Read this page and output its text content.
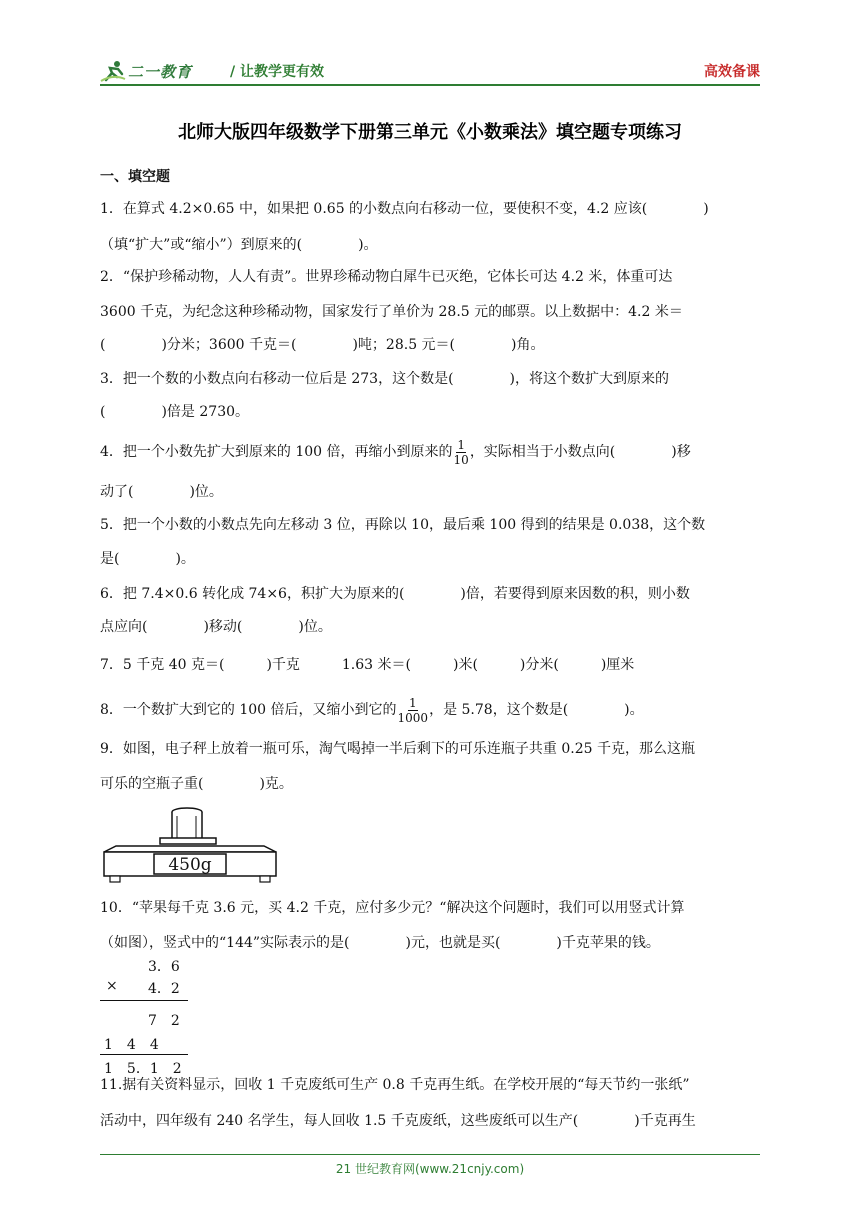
二一教育	/ 让教学更有效	高效备课
北师大版四年级数学下册第三单元《小数乘法》填空题专项练习
一、填空题
1．在算式 4.2×0.65 中，如果把 0.65 的小数点向右移动一位，要使积不变，4.2 应该(　　　　)
（填“扩大”或“缩小”）到原来的(　　　　)。
2．“保护珍稀动物，人人有责”。世界珍稀动物白犀牛已灭绝，它体长可达 4.2 米，体重可达
3600 千克，为纪念这种珍稀动物，国家发行了单价为 28.5 元的邮票。以上数据中：4.2 米＝
(　　　　)分米；3600 千克＝(　　　　)吨；28.5 元＝(　　　　)角。
3．把一个数的小数点向右移动一位后是 273，这个数是(　　　　)，将这个数扩大到原来的
(　　　　)倍是 2730。
4．把一个小数先扩大到原来的 100 倍，再缩小到原来的 $\frac{1}{10}$ ，实际相当于小数点向(　　　　)移
动了(　　　　)位。
5．把一个小数的小数点先向左移动 3 位，再除以 10，最后乘 100 得到的结果是 0.038，这个数
是(　　　　)。
6．把 7.4×0.6 转化成 74×6，积扩大为原来的(　　　　)倍，若要得到原来因数的积，则小数
点应向(　　　　)移动(　　　　)位。
7．5 千克 40 克＝(　　　)千克　　　1.63 米＝(　　　)米(　　　)分米(　　　)厘米
8．一个数扩大到它的 100 倍后，又缩小到它的 $\frac{1}{1000}$ ，是 5.78，这个数是(　　　　)。
9．如图，电子秤上放着一瓶可乐，淘气喝掉一半后剩下的可乐连瓶子共重 0.25 千克，那么这瓶
可乐的空瓶子重(　　　　)克。
450g
10．“苹果每千克 3.6 元，买 4.2 千克，应付多少元？“解决这个问题时，我们可以用竖式计算
（如图），竖式中的“144”实际表示的是(　　　　)元，也就是买(　　　　)千克苹果的钱。
3．6
× 4．2
7　2
1　4　4
1　5．1　2
11.据有关资料显示，回收 1 千克废纸可生产 0.8 千克再生纸。在学校开展的“每天节约一张纸”
活动中，四年级有 240 名学生，每人回收 1.5 千克废纸，这些废纸可以生产(　　　　)千克再生
21 世纪教育网(www.21cnjy.com)
